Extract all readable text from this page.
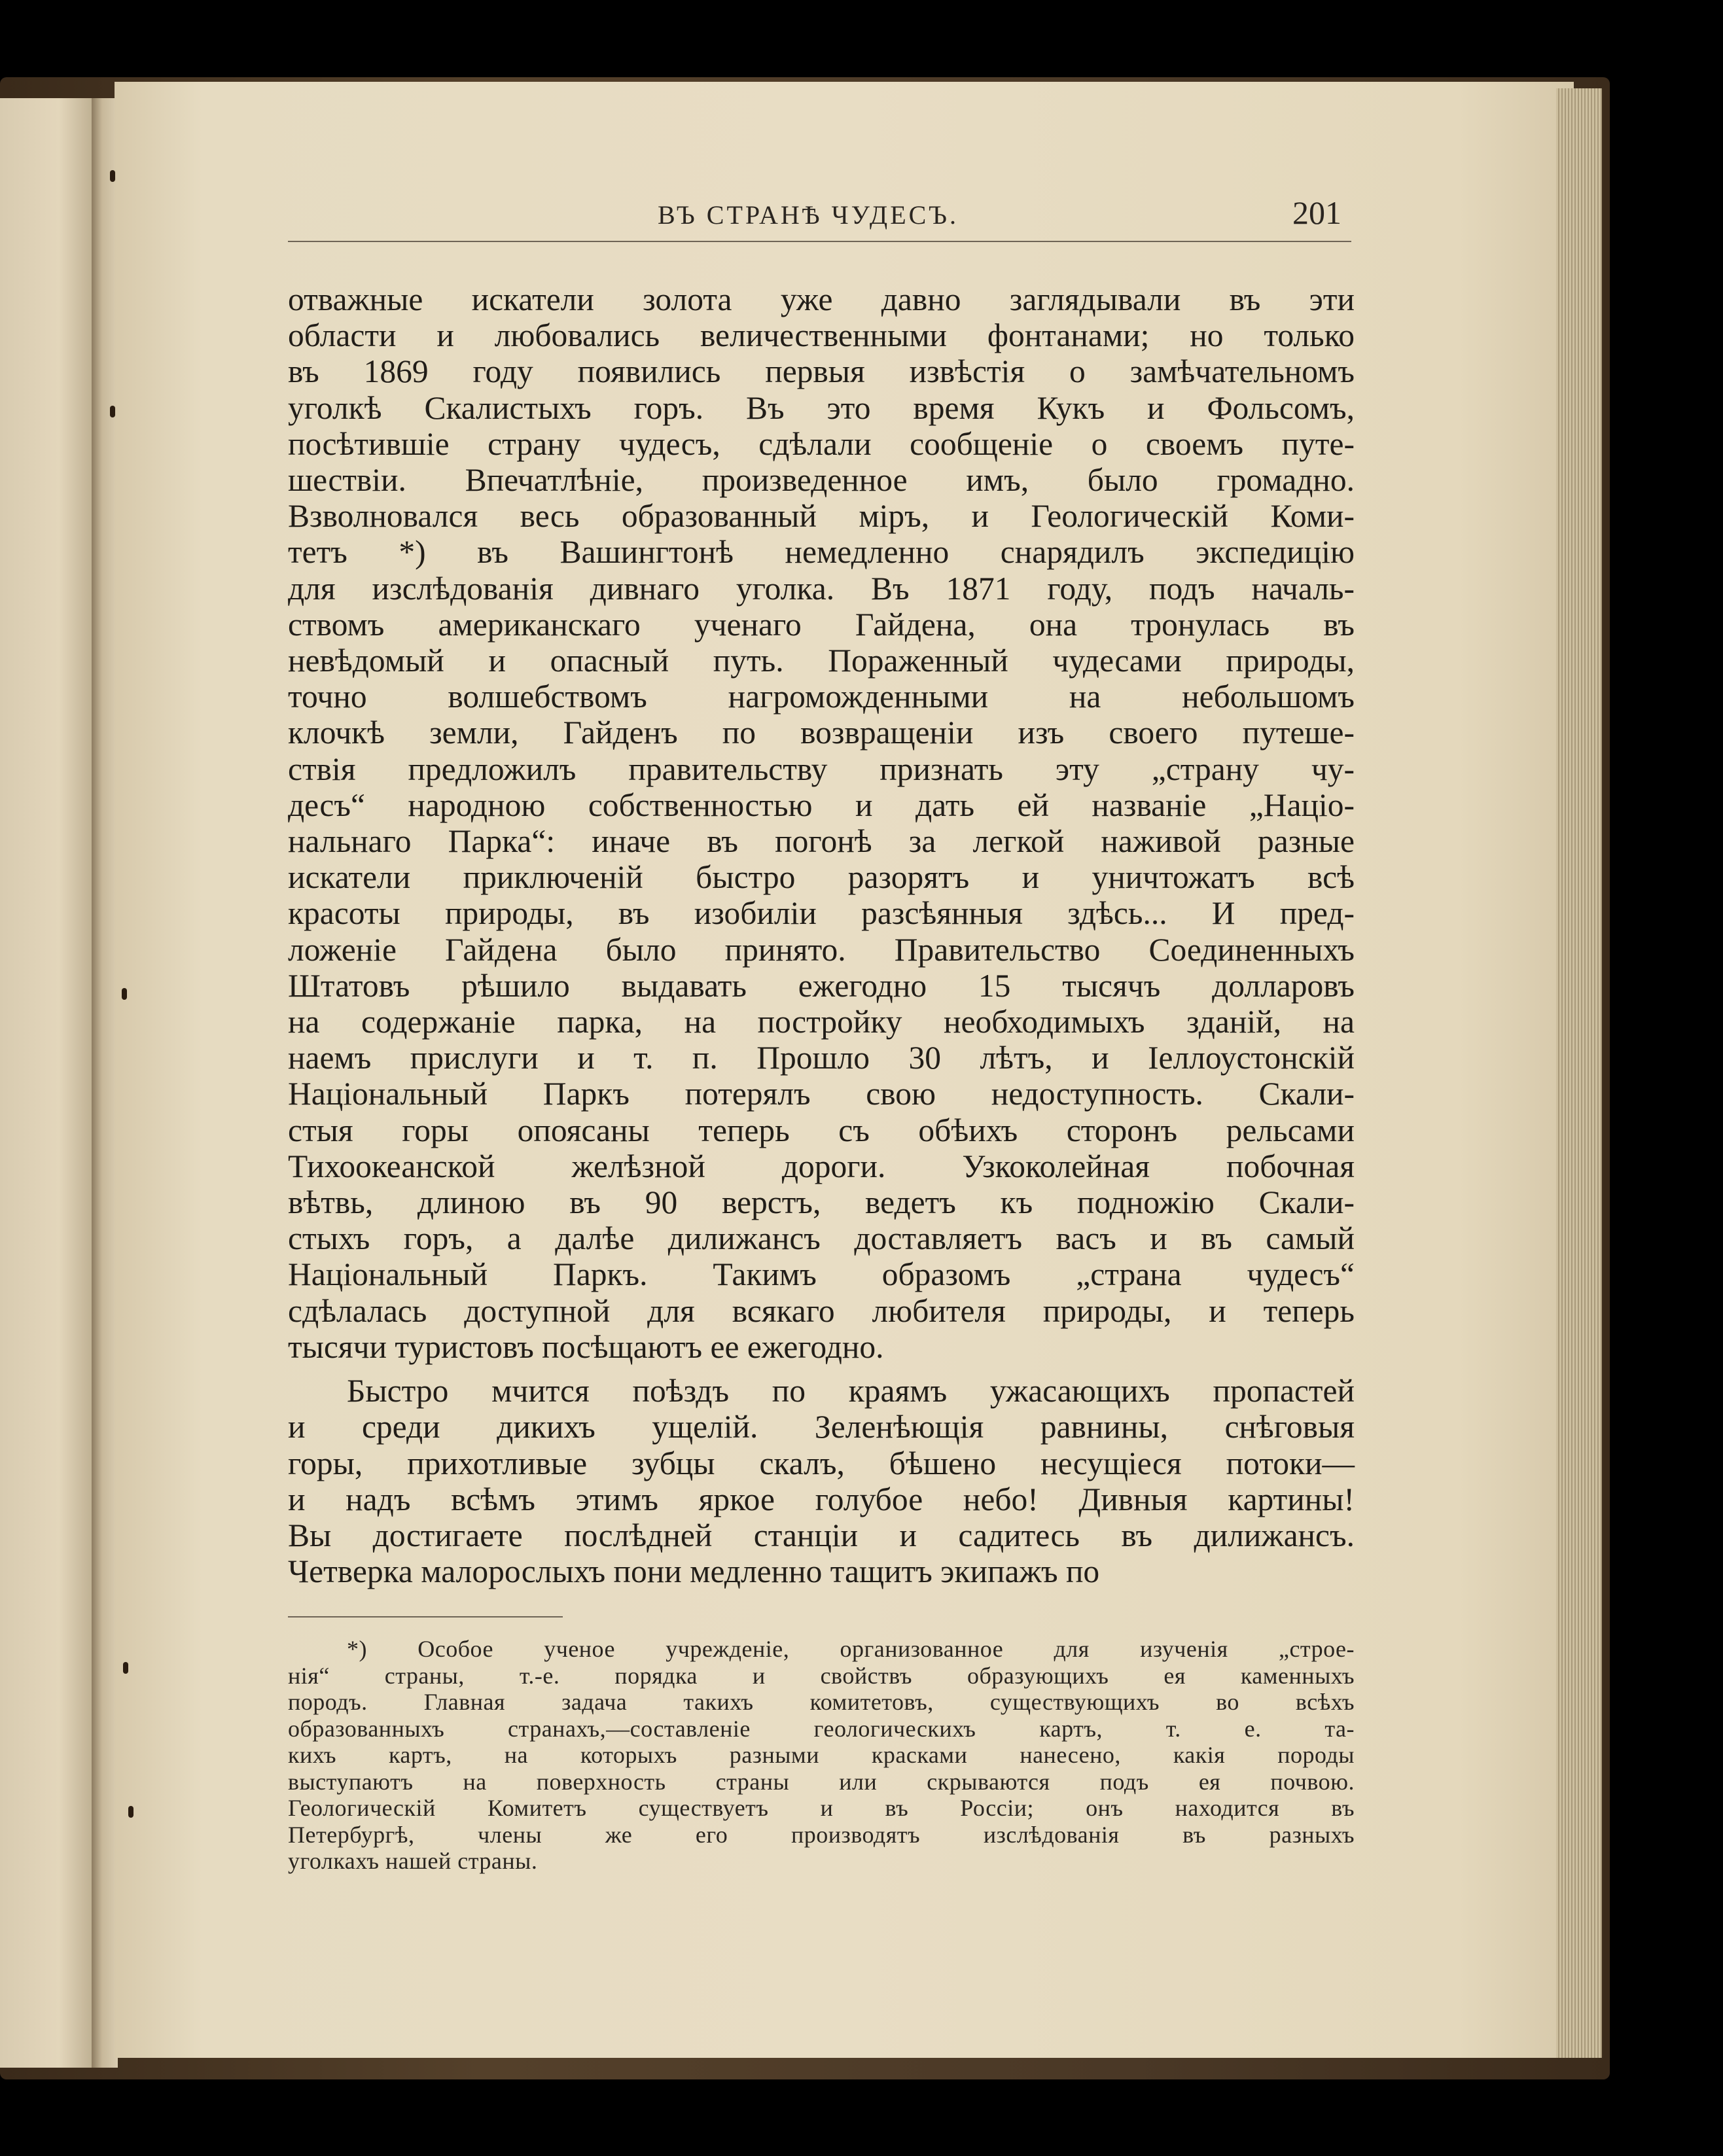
ВЪ СТРАНѢ ЧУДЕСЪ.	201

отважные искатели золота уже давно заглядывали въ эти
области и любовались величественными фонтанами; но только
въ 1869 году появились первыя извѣстія о замѣчательномъ
уголкѣ Скалистыхъ горъ. Въ это время Кукъ и Фольсомъ,
посѣтившіе страну чудесъ, сдѣлали сообщеніе о своемъ путе-
шествіи. Впечатлѣніе, произведенное имъ, было громадно.
Взволновался весь образованный міръ, и Геологическій Коми-
тетъ *) въ Вашингтонѣ немедленно снарядилъ экспедицію
для изслѣдованія дивнаго уголка. Въ 1871 году, подъ началь-
ствомъ американскаго ученаго Гайдена, она тронулась въ
невѣдомый и опасный путь. Пораженный чудесами природы,
точно волшебствомъ нагроможденными на небольшомъ
клочкѣ земли, Гайденъ по возвращеніи изъ своего путеше-
ствія предложилъ правительству признать эту „страну чу-
десъ“ народною собственностью и дать ей названіе „Націо-
нальнаго Парка“: иначе въ погонѣ за легкой наживой разные
искатели приключеній быстро разорятъ и уничтожатъ всѣ
красоты природы, въ изобиліи разсѣянныя здѣсь... И пред-
ложеніе Гайдена было принято. Правительство Соединенныхъ
Штатовъ рѣшило выдавать ежегодно 15 тысячъ долларовъ
на содержаніе парка, на постройку необходимыхъ зданій, на
наемъ прислуги и т. п. Прошло 30 лѣтъ, и Іеллоустонскій
Національный Паркъ потерялъ свою недоступность. Скали-
стыя горы опоясаны теперь съ обѣихъ сторонъ рельсами
Тихоокеанской желѣзной дороги. Узкоколейная побочная
вѣтвь, длиною въ 90 верстъ, ведетъ къ подножію Скали-
стыхъ горъ, а далѣе дилижансъ доставляетъ васъ и въ самый
Національный Паркъ. Такимъ образомъ „страна чудесъ“
сдѣлалась доступной для всякаго любителя природы, и теперь
тысячи туристовъ посѣщаютъ ее ежегодно.

Быстро мчится поѣздъ по краямъ ужасающихъ пропастей
и среди дикихъ ущелій. Зеленѣющія равнины, снѣговыя
горы, прихотливые зубцы скалъ, бѣшено несущіеся потоки—
и надъ всѣмъ этимъ яркое голубое небо! Дивныя картины!
Вы достигаете послѣдней станціи и садитесь въ дилижансъ.
Четверка малорослыхъ пони медленно тащитъ экипажъ по

*) Особое ученое учрежденіе, организованное для изученія „строе-
нія“ страны, т.-е. порядка и свойствъ образующихъ ея каменныхъ
породъ. Главная задача такихъ комитетовъ, существующихъ во всѣхъ
образованныхъ странахъ,—составленіе геологическихъ картъ, т. е. та-
кихъ картъ, на которыхъ разными красками нанесено, какія породы
выступаютъ на поверхность страны или скрываются подъ ея почвою.
Геологическій Комитетъ существуетъ и въ Россіи; онъ находится въ
Петербургѣ, члены же его производятъ изслѣдованія въ разныхъ
уголкахъ нашей страны.
